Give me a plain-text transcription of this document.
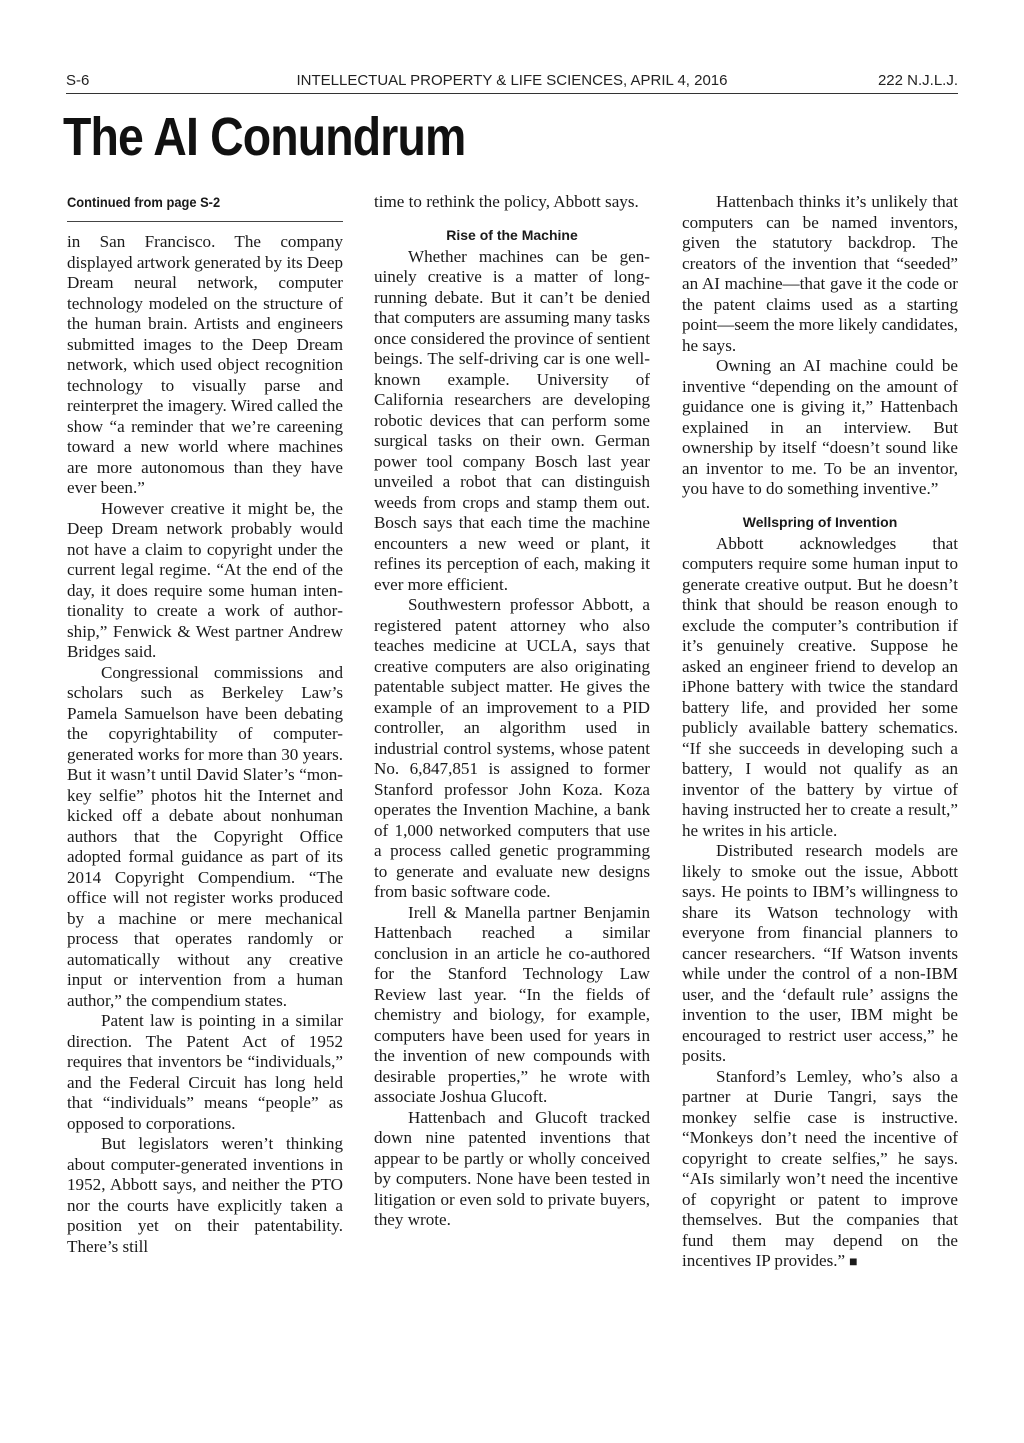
S-6	INTELLECTUAL PROPERTY & LIFE SCIENCES, APRIL 4, 2016	222 N.J.L.J.
The AI Conundrum
Continued from page S-2

in San Francisco. The company displayed artwork generated by its Deep Dream neural network, computer technology modeled on the structure of the human brain. Artists and engineers submitted images to the Deep Dream network, which used object recognition technology to visually parse and reinterpret the imagery. Wired called the show “a reminder that we’re careening toward a new world where machines are more autonomous than they have ever been.”

However creative it might be, the Deep Dream network probably would not have a claim to copyright under the current legal regime. “At the end of the day, it does require some human intentionality to create a work of authorship,” Fenwick & West partner Andrew Bridges said.

Congressional commissions and scholars such as Berkeley Law’s Pamela Samuelson have been debating the copyrightability of computer-generated works for more than 30 years. But it wasn’t until David Slater’s “monkey selfie” photos hit the Internet and kicked off a debate about nonhuman authors that the Copyright Office adopted formal guidance as part of its 2014 Copyright Compendium. “The office will not register works produced by a machine or mere mechanical process that operates randomly or automatically without any creative input or intervention from a human author,” the compendium states.

Patent law is pointing in a similar direction. The Patent Act of 1952 requires that inventors be “individuals,” and the Federal Circuit has long held that “individuals” means “people” as opposed to corporations.

But legislators weren’t thinking about computer-generated inventions in 1952, Abbott says, and neither the PTO nor the courts have explicitly taken a position yet on their patentability. There’s still

time to rethink the policy, Abbott says.

Rise of the Machine

Whether machines can be genuinely creative is a matter of long-running debate. But it can’t be denied that computers are assuming many tasks once considered the province of sentient beings. The self-driving car is one well-known example. University of California researchers are developing robotic devices that can perform some surgical tasks on their own. German power tool company Bosch last year unveiled a robot that can distinguish weeds from crops and stamp them out. Bosch says that each time the machine encounters a new weed or plant, it refines its perception of each, making it ever more efficient.

Southwestern professor Abbott, a registered patent attorney who also teaches medicine at UCLA, says that creative computers are also originating patentable subject matter. He gives the example of an improvement to a PID controller, an algorithm used in industrial control systems, whose patent No. 6,847,851 is assigned to former Stanford professor John Koza. Koza operates the Invention Machine, a bank of 1,000 networked computers that use a process called genetic programming to generate and evaluate new designs from basic software code.

Irell & Manella partner Benjamin Hattenbach reached a similar conclusion in an article he co-authored for the Stanford Technology Law Review last year. “In the fields of chemistry and biology, for example, computers have been used for years in the invention of new compounds with desirable properties,” he wrote with associate Joshua Glucoft.

Hattenbach and Glucoft tracked down nine patented inventions that appear to be partly or wholly conceived by computers. None have been tested in litigation or even sold to private buyers, they wrote.

Hattenbach thinks it’s unlikely that computers can be named inventors, given the statutory backdrop. The creators of the invention that “seeded” an AI machine—that gave it the code or the patent claims used as a starting point—seem the more likely candidates, he says.

Owning an AI machine could be inventive “depending on the amount of guidance one is giving it,” Hattenbach explained in an interview. But ownership by itself “doesn’t sound like an inventor to me. To be an inventor, you have to do something inventive.”

Wellspring of Invention

Abbott acknowledges that computers require some human input to generate creative output. But he doesn’t think that should be reason enough to exclude the computer’s contribution if it’s genuinely creative. Suppose he asked an engineer friend to develop an iPhone battery with twice the standard battery life, and provided her some publicly available battery schematics. “If she succeeds in developing such a battery, I would not qualify as an inventor of the battery by virtue of having instructed her to create a result,” he writes in his article.

Distributed research models are likely to smoke out the issue, Abbott says. He points to IBM’s willingness to share its Watson technology with everyone from financial planners to cancer researchers. “If Watson invents while under the control of a non-IBM user, and the ‘default rule’ assigns the invention to the user, IBM might be encouraged to restrict user access,” he posits.

Stanford’s Lemley, who’s also a partner at Durie Tangri, says the monkey selfie case is instructive. “Monkeys don’t need the incentive of copyright to create selfies,” he says. “AIs similarly won’t need the incentive of copyright or patent to improve themselves. But the companies that fund them may depend on the incentives IP provides.” ■
